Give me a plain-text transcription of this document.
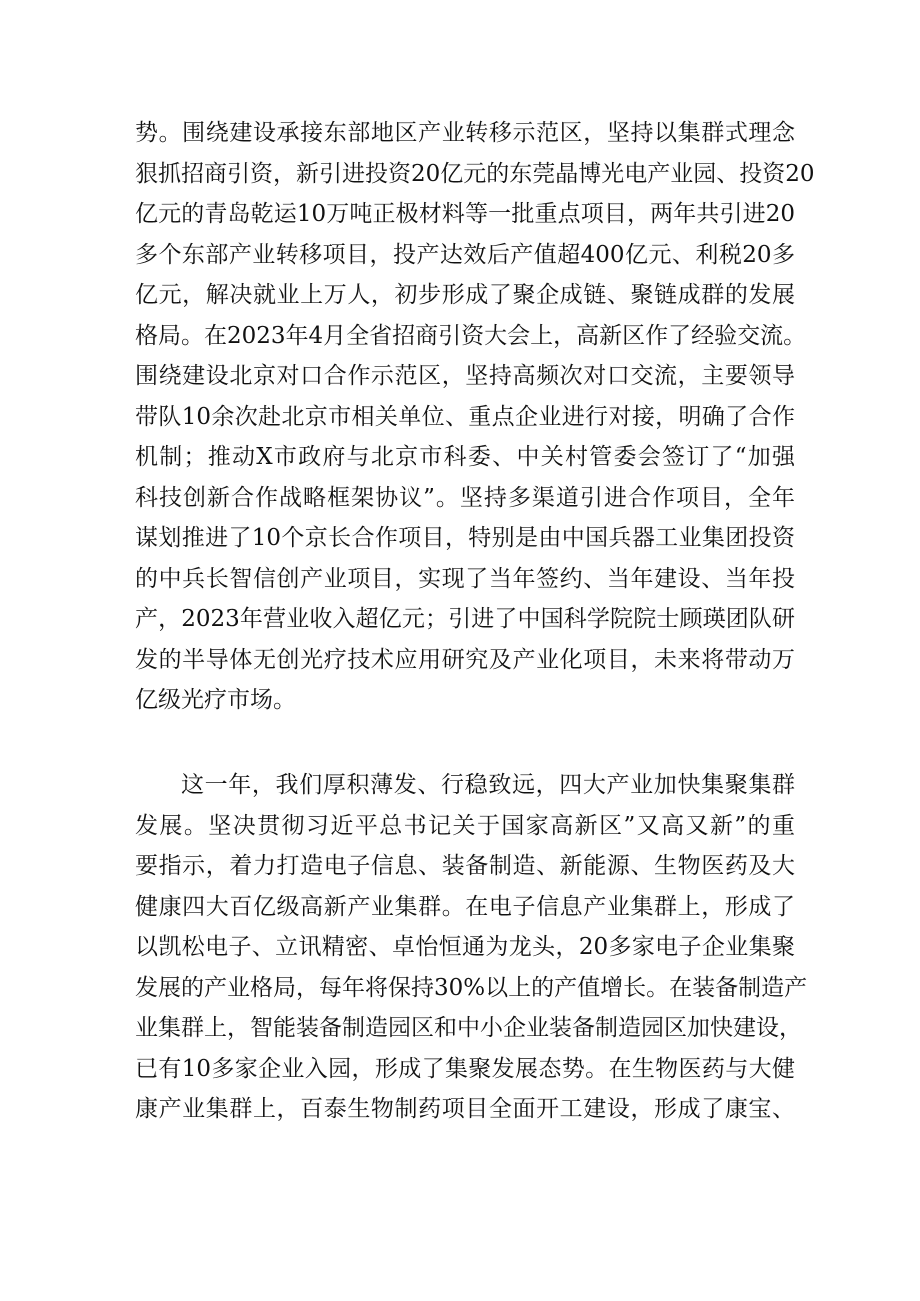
势。围绕建设承接东部地区产业转移示范区，坚持以集群式理念
狠抓招商引资，新引进投资20亿元的东莞晶博光电产业园、投资20
亿元的青岛乾运10万吨正极材料等一批重点项目，两年共引进20
多个东部产业转移项目，投产达效后产值超400亿元、利税20多
亿元，解决就业上万人，初步形成了聚企成链、聚链成群的发展
格局。在2023年4月全省招商引资大会上，高新区作了经验交流。
围绕建设北京对口合作示范区，坚持高频次对口交流，主要领导
带队10余次赴北京市相关单位、重点企业进行对接，明确了合作
机制；推动X市政府与北京市科委、中关村管委会签订了“加强
科技创新合作战略框架协议”。坚持多渠道引进合作项目，全年
谋划推进了10个京长合作项目，特别是由中国兵器工业集团投资
的中兵长智信创产业项目，实现了当年签约、当年建设、当年投
产，2023年营业收入超亿元；引进了中国科学院院士顾瑛团队研
发的半导体无创光疗技术应用研究及产业化项目，未来将带动万
亿级光疗市场。
这一年，我们厚积薄发、行稳致远，四大产业加快集聚集群
发展。坚决贯彻习近平总书记关于国家高新区”又高又新”的重
要指示，着力打造电子信息、装备制造、新能源、生物医药及大
健康四大百亿级高新产业集群。在电子信息产业集群上，形成了
以凯松电子、立讯精密、卓怡恒通为龙头，20多家电子企业集聚
发展的产业格局，每年将保持30%以上的产值增长。在装备制造产
业集群上，智能装备制造园区和中小企业装备制造园区加快建设，
已有10多家企业入园，形成了集聚发展态势。在生物医药与大健
康产业集群上，百泰生物制药项目全面开工建设，形成了康宝、
